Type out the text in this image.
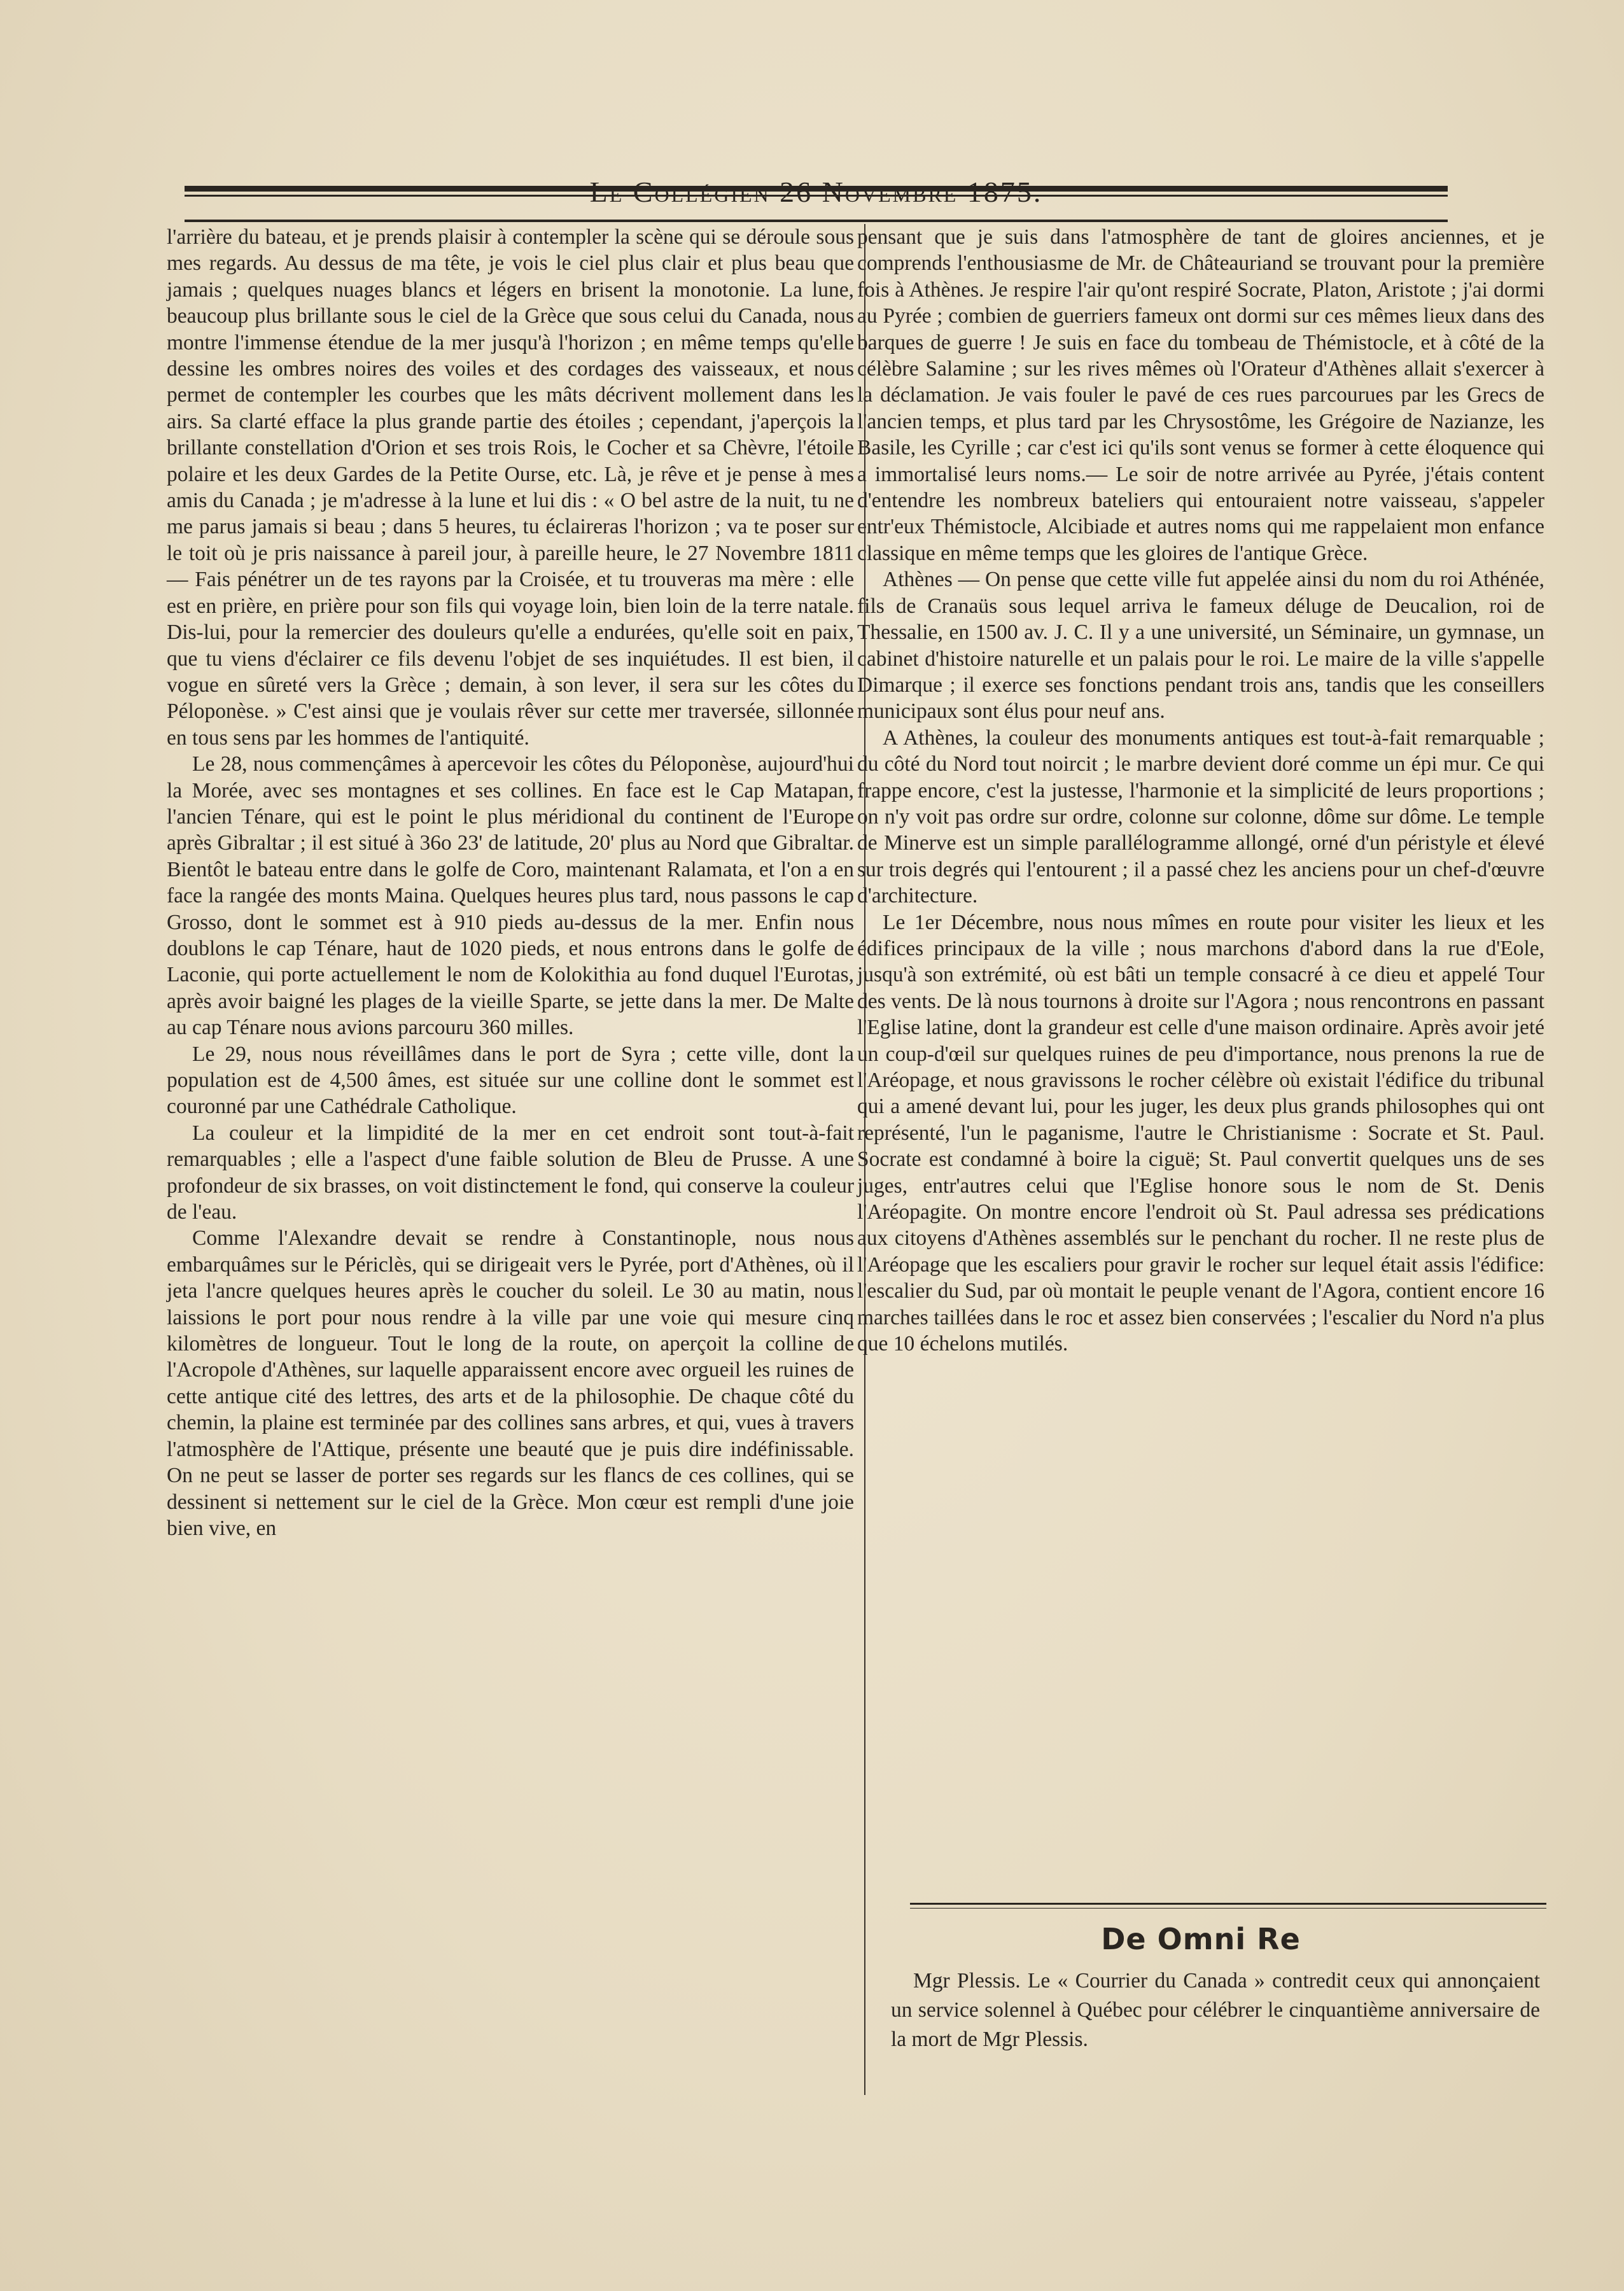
Le Collégien 26 Novembre 1875.

l'arrière du bateau, et je prends plaisir à contempler la scène qui se déroule sous mes regards. Au dessus de ma tête, je vois le ciel plus clair et plus beau que jamais ; quelques nuages blancs et légers en brisent la monotonie. La lune, beaucoup plus brillante sous le ciel de la Grèce que sous celui du Canada, nous montre l'immense étendue de la mer jusqu'à l'horizon ; en même temps qu'elle dessine les ombres noires des voiles et des cordages des vaisseaux, et nous permet de contempler les courbes que les mâts décrivent mollement dans les airs. Sa clarté efface la plus grande partie des étoiles ; cependant, j'aperçois la brillante constellation d'Orion et ses trois Rois, le Cocher et sa Chèvre, l'étoile polaire et les deux Gardes de la Petite Ourse, etc. Là, je rêve et je pense à mes amis du Canada ; je m'adresse à la lune et lui dis : « O bel astre de la nuit, tu ne me parus jamais si beau ; dans 5 heures, tu éclaireras l'horizon ; va te poser sur le toit où je pris naissance à pareil jour, à pareille heure, le 27 Novembre 1811 — Fais pénétrer un de tes rayons par la Croisée, et tu trouveras ma mère : elle est en prière, en prière pour son fils qui voyage loin, bien loin de la terre natale. Dis-lui, pour la remercier des douleurs qu'elle a endurées, qu'elle soit en paix, que tu viens d'éclairer ce fils devenu l'objet de ses inquiétudes. Il est bien, il vogue en sûreté vers la Grèce ; demain, à son lever, il sera sur les côtes du Péloponèse. » C'est ainsi que je voulais rêver sur cette mer traversée, sillonnée en tous sens par les hommes de l'antiquité.

Le 28, nous commençâmes à apercevoir les côtes du Péloponèse, aujourd'hui la Morée, avec ses montagnes et ses collines. En face est le Cap Matapan, l'ancien Ténare, qui est le point le plus méridional du continent de l'Europe après Gibraltar ; il est situé à 36o 23' de latitude, 20' plus au Nord que Gibraltar. Bientôt le bateau entre dans le golfe de Coro, maintenant Ralamata, et l'on a en face la rangée des monts Maina. Quelques heures plus tard, nous passons le cap Grosso, dont le sommet est à 910 pieds au-dessus de la mer. Enfin nous doublons le cap Ténare, haut de 1020 pieds, et nous entrons dans le golfe de Laconie, qui porte actuellement le nom de Kolokithia au fond duquel l'Eurotas, après avoir baigné les plages de la vieille Sparte, se jette dans la mer. De Malte au cap Ténare nous avions parcouru 360 milles.

Le 29, nous nous réveillâmes dans le port de Syra ; cette ville, dont la population est de 4,500 âmes, est située sur une colline dont le sommet est couronné par une Cathédrale Catholique.

La couleur et la limpidité de la mer en cet endroit sont tout-à-fait remarquables ; elle a l'aspect d'une faible solution de Bleu de Prusse. A une profondeur de six brasses, on voit distinctement le fond, qui conserve la couleur de l'eau.

Comme l'Alexandre devait se rendre à Constantinople, nous nous embarquâmes sur le Périclès, qui se dirigeait vers le Pyrée, port d'Athènes, où il jeta l'ancre quelques heures après le coucher du soleil. Le 30 au matin, nous laissions le port pour nous rendre à la ville par une voie qui mesure cinq kilomètres de longueur. Tout le long de la route, on aperçoit la colline de l'Acropole d'Athènes, sur laquelle apparaissent encore avec orgueil les ruines de cette antique cité des lettres, des arts et de la philosophie. De chaque côté du chemin, la plaine est terminée par des collines sans arbres, et qui, vues à travers l'atmosphère de l'Attique, présente une beauté que je puis dire indéfinissable. On ne peut se lasser de porter ses regards sur les flancs de ces collines, qui se dessinent si nettement sur le ciel de la Grèce. Mon cœur est rempli d'une joie bien vive, en

pensant que je suis dans l'atmosphère de tant de gloires anciennes, et je comprends l'enthousiasme de Mr. de Châteauriand se trouvant pour la première fois à Athènes. Je respire l'air qu'ont respiré Socrate, Platon, Aristote ; j'ai dormi au Pyrée ; combien de guerriers fameux ont dormi sur ces mêmes lieux dans des barques de guerre ! Je suis en face du tombeau de Thémistocle, et à côté de la célèbre Salamine ; sur les rives mêmes où l'Orateur d'Athènes allait s'exercer à la déclamation. Je vais fouler le pavé de ces rues parcourues par les Grecs de l'ancien temps, et plus tard par les Chrysostôme, les Grégoire de Nazianze, les Basile, les Cyrille ; car c'est ici qu'ils sont venus se former à cette éloquence qui a immortalisé leurs noms.— Le soir de notre arrivée au Pyrée, j'étais content d'entendre les nombreux bateliers qui entouraient notre vaisseau, s'appeler entr'eux Thémistocle, Alcibiade et autres noms qui me rappelaient mon enfance classique en même temps que les gloires de l'antique Grèce.

Athènes — On pense que cette ville fut appelée ainsi du nom du roi Athénée, fils de Cranaüs sous lequel arriva le fameux déluge de Deucalion, roi de Thessalie, en 1500 av. J. C. Il y a une université, un Séminaire, un gymnase, un cabinet d'histoire naturelle et un palais pour le roi. Le maire de la ville s'appelle Dimarque ; il exerce ses fonctions pendant trois ans, tandis que les conseillers municipaux sont élus pour neuf ans.

A Athènes, la couleur des monuments antiques est tout-à-fait remarquable ; du côté du Nord tout noircit ; le marbre devient doré comme un épi mur. Ce qui frappe encore, c'est la justesse, l'harmonie et la simplicité de leurs proportions ; on n'y voit pas ordre sur ordre, colonne sur colonne, dôme sur dôme. Le temple de Minerve est un simple parallélogramme allongé, orné d'un péristyle et élevé sur trois degrés qui l'entourent ; il a passé chez les anciens pour un chef-d'œuvre d'architecture.

Le 1er Décembre, nous nous mîmes en route pour visiter les lieux et les édifices principaux de la ville ; nous marchons d'abord dans la rue d'Eole, jusqu'à son extrémité, où est bâti un temple consacré à ce dieu et appelé Tour des vents. De là nous tournons à droite sur l'Agora ; nous rencontrons en passant l'Eglise latine, dont la grandeur est celle d'une maison ordinaire. Après avoir jeté un coup-d'œil sur quelques ruines de peu d'importance, nous prenons la rue de l'Aréopage, et nous gravissons le rocher célèbre où existait l'édifice du tribunal qui a amené devant lui, pour les juger, les deux plus grands philosophes qui ont représenté, l'un le paganisme, l'autre le Christianisme : Socrate et St. Paul. Socrate est condamné à boire la ciguë; St. Paul convertit quelques uns de ses juges, entr'autres celui que l'Eglise honore sous le nom de St. Denis l'Aréopagite. On montre encore l'endroit où St. Paul adressa ses prédications aux citoyens d'Athènes assemblés sur le penchant du rocher. Il ne reste plus de l'Aréopage que les escaliers pour gravir le rocher sur lequel était assis l'édifice: l'escalier du Sud, par où montait le peuple venant de l'Agora, contient encore 16 marches taillées dans le roc et assez bien conservées ; l'escalier du Nord n'a plus que 10 échelons mutilés.

De Omni Re

Mgr Plessis. Le « Courrier du Canada » contredit ceux qui annonçaient un service solennel à Québec pour célébrer le cinquantième anniversaire de la mort de Mgr Plessis.
